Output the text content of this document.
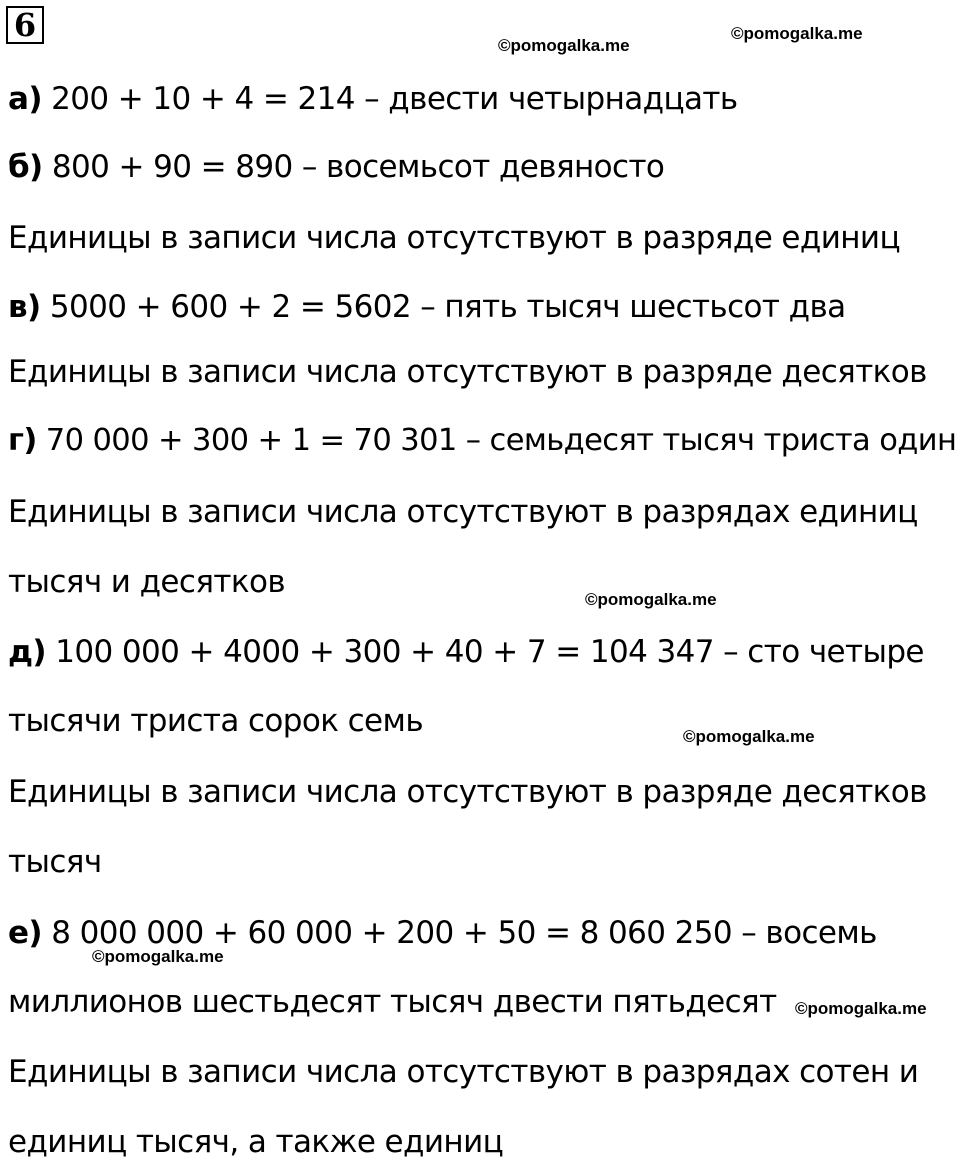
6
©pomogalka.me
©pomogalka.me
а) 200 + 10 + 4 = 214 – двести четырнадцать
б) 800 + 90 = 890 – восемьсот девяносто
Единицы в записи числа отсутствуют в разряде единиц
в) 5000 + 600 + 2 = 5602 – пять тысяч шестьсот два
Единицы в записи числа отсутствуют в разряде десятков
г) 70 000 + 300 + 1 = 70 301 – семьдесят тысяч триста один
Единицы в записи числа отсутствуют в разрядах единиц
тысяч и десятков	©pomogalka.me
д) 100 000 + 4000 + 300 + 40 + 7 = 104 347 – сто четыре
тысячи триста сорок семь	©pomogalka.me
Единицы в записи числа отсутствуют в разряде десятков
тысяч
е) 8 000 000 + 60 000 + 200 + 50 = 8 060 250 – восемь
©pomogalka.me
миллионов шестьдесят тысяч двести пятьдесят ©pomogalka.me
Единицы в записи числа отсутствуют в разрядах сотен и
единиц тысяч, а также единиц
